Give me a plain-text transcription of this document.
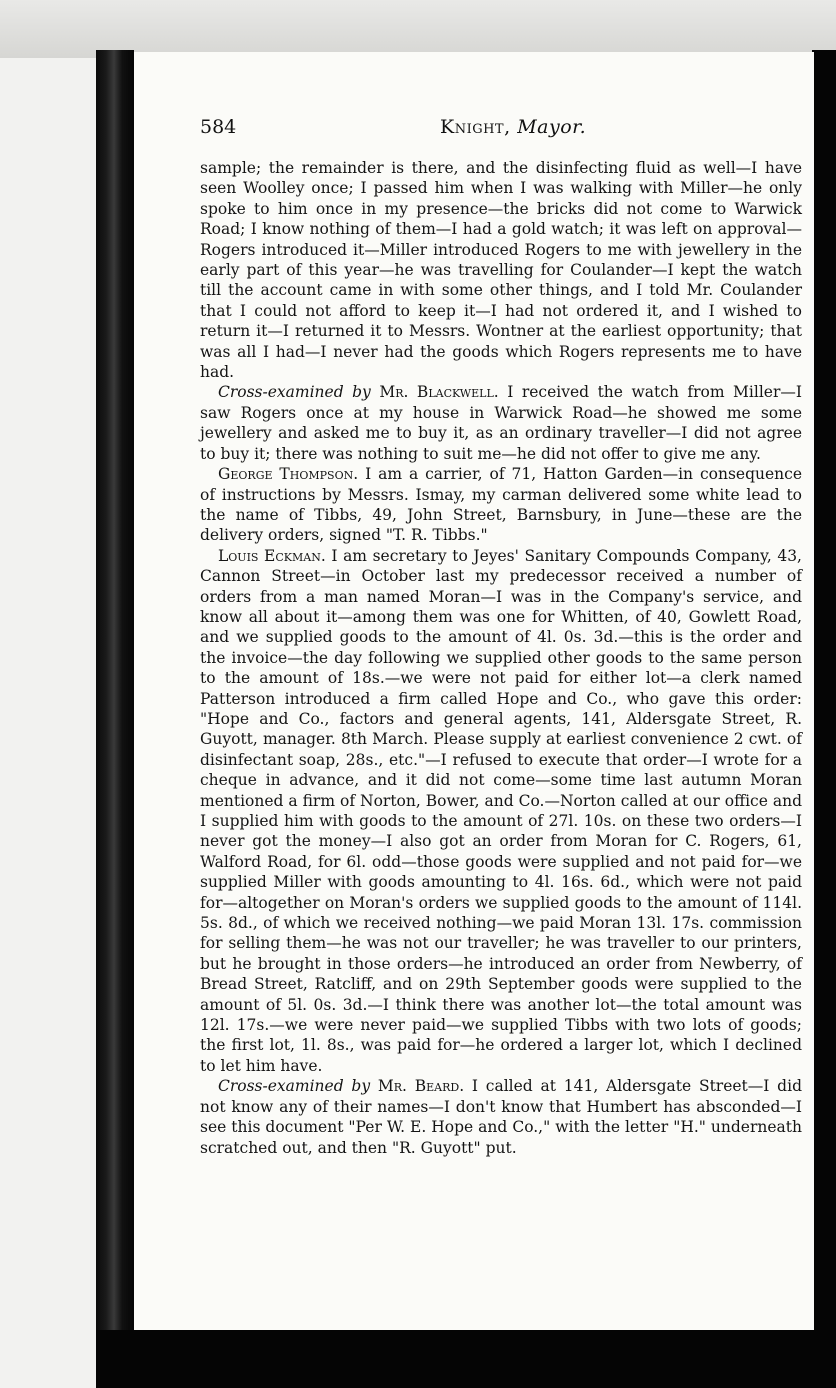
584	Knight, Mayor.

sample; the remainder is there, and the disinfecting fluid as well—I have seen Woolley once; I passed him when I was walking with Miller—he only spoke to him once in my presence—the bricks did not come to Warwick Road; I know nothing of them—I had a gold watch; it was left on approval—Rogers introduced it—Miller introduced Rogers to me with jewellery in the early part of this year—he was travelling for Coulander—I kept the watch till the account came in with some other things, and I told Mr. Coulander that I could not afford to keep it—I had not ordered it, and I wished to return it—I returned it to Messrs. Wontner at the earliest opportunity; that was all I had—I never had the goods which Rogers represents me to have had.

Cross-examined by Mr. Blackwell. I received the watch from Miller—I saw Rogers once at my house in Warwick Road—he showed me some jewellery and asked me to buy it, as an ordinary traveller—I did not agree to buy it; there was nothing to suit me—he did not offer to give me any.

George Thompson. I am a carrier, of 71, Hatton Garden—in consequence of instructions by Messrs. Ismay, my carman delivered some white lead to the name of Tibbs, 49, John Street, Barnsbury, in June—these are the delivery orders, signed "T. R. Tibbs."

Louis Eckman. I am secretary to Jeyes' Sanitary Compounds Company, 43, Cannon Street—in October last my predecessor received a number of orders from a man named Moran—I was in the Company's service, and know all about it—among them was one for Whitten, of 40, Gowlett Road, and we supplied goods to the amount of 4l. 0s. 3d.—this is the order and the invoice—the day following we supplied other goods to the same person to the amount of 18s.—we were not paid for either lot—a clerk named Patterson introduced a firm called Hope and Co., who gave this order: "Hope and Co., factors and general agents, 141, Aldersgate Street, R. Guyott, manager. 8th March. Please supply at earliest convenience 2 cwt. of disinfectant soap, 28s., etc."—I refused to execute that order—I wrote for a cheque in advance, and it did not come—some time last autumn Moran mentioned a firm of Norton, Bower, and Co.—Norton called at our office and I supplied him with goods to the amount of 27l. 10s. on these two orders—I never got the money—I also got an order from Moran for C. Rogers, 61, Walford Road, for 6l. odd—those goods were supplied and not paid for—we supplied Miller with goods amounting to 4l. 16s. 6d., which were not paid for—altogether on Moran's orders we supplied goods to the amount of 114l. 5s. 8d., of which we received nothing—we paid Moran 13l. 17s. commission for selling them—he was not our traveller; he was traveller to our printers, but he brought in those orders—he introduced an order from Newberry, of Bread Street, Ratcliff, and on 29th September goods were supplied to the amount of 5l. 0s. 3d.—I think there was another lot—the total amount was 12l. 17s.—we were never paid—we supplied Tibbs with two lots of goods; the first lot, 1l. 8s., was paid for—he ordered a larger lot, which I declined to let him have.

Cross-examined by Mr. Beard. I called at 141, Aldersgate Street—I did not know any of their names—I don't know that Humbert has absconded—I see this document "Per W. E. Hope and Co.," with the letter "H." underneath scratched out, and then "R. Guyott" put.
